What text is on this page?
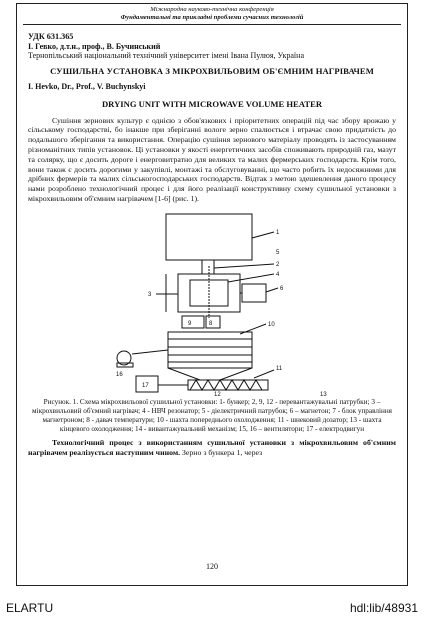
Міжнародна науково-технічна конференція
Фундаментальні та прикладні проблеми сучасних технологій
УДК 631.365
І. Гевко, д.т.н., проф., В. Бучинський
Тернопільський національний технічний університет імені Івана Пулюя, Україна
СУШИЛЬНА УСТАНОВКА З МІКРОХВИЛЬОВИМ ОБ'ЄМНИМ НАГРІВАЧЕМ
I. Hevko, Dr., Prof., V. Buchynskyi
DRYING UNIT WITH MICROWAVE VOLUME HEATER
Сушіння зернових культур є однією з обов'язкових і пріоритетних операцій під час збору врожаю у сільському господарстві, бо інакше при зберіганні вологе зерно спалюється і втрачає свою придатність до подальшого зберігання та використання. Операцію сушіння зернового матеріалу проводять із застосуванням різноманітних типів установок. Ці установки у якості енергетичних засобів споживають природній газ, мазут та солярку, що є досить дороге і енерговитратно для великих та малих фермерських господарств. Крім того, вони також є досить дорогими у закупівлі, монтажі та обслуговуванні, що часто робить їх недосяжними для дрібних фермерів та малих сільськогосподарських господарств. Відтак з метою здешевлення даного процесу нами розроблено технологічний процес і для його реалізації конструктивну схему сушильної установки з мікрохвильовим об'ємним нагрівачем [1-6] (рис. 1).
1
2
3
4
5
6
8
9	10
11
12	13
16
17
Рисунок. 1. Схема мікрохвильової сушильної установки: 1- бункер; 2, 9, 12 - перевантажувальні патрубки; 3 – мікрохвильовий об'ємний нагрівач; 4 - НВЧ резонатор; 5 - діелектричний патрубок; 6 – магнетон; 7 - блок управління магнетроном; 8 - давач температури; 10 - шахта попереднього охолодження; 11 - шнековий дозатор; 13 - шахта кінцевого охолодження; 14 - вивантажувальний механізм; 15, 16 – вентилятори; 17 - електродвигун
Технологічний процес з використанням сушильної установки з мікрохвильовим об'ємним нагрівачем реалізується наступним чином. Зерно з бункера 1, через
120
ELARTU	hdl:lib/48931
